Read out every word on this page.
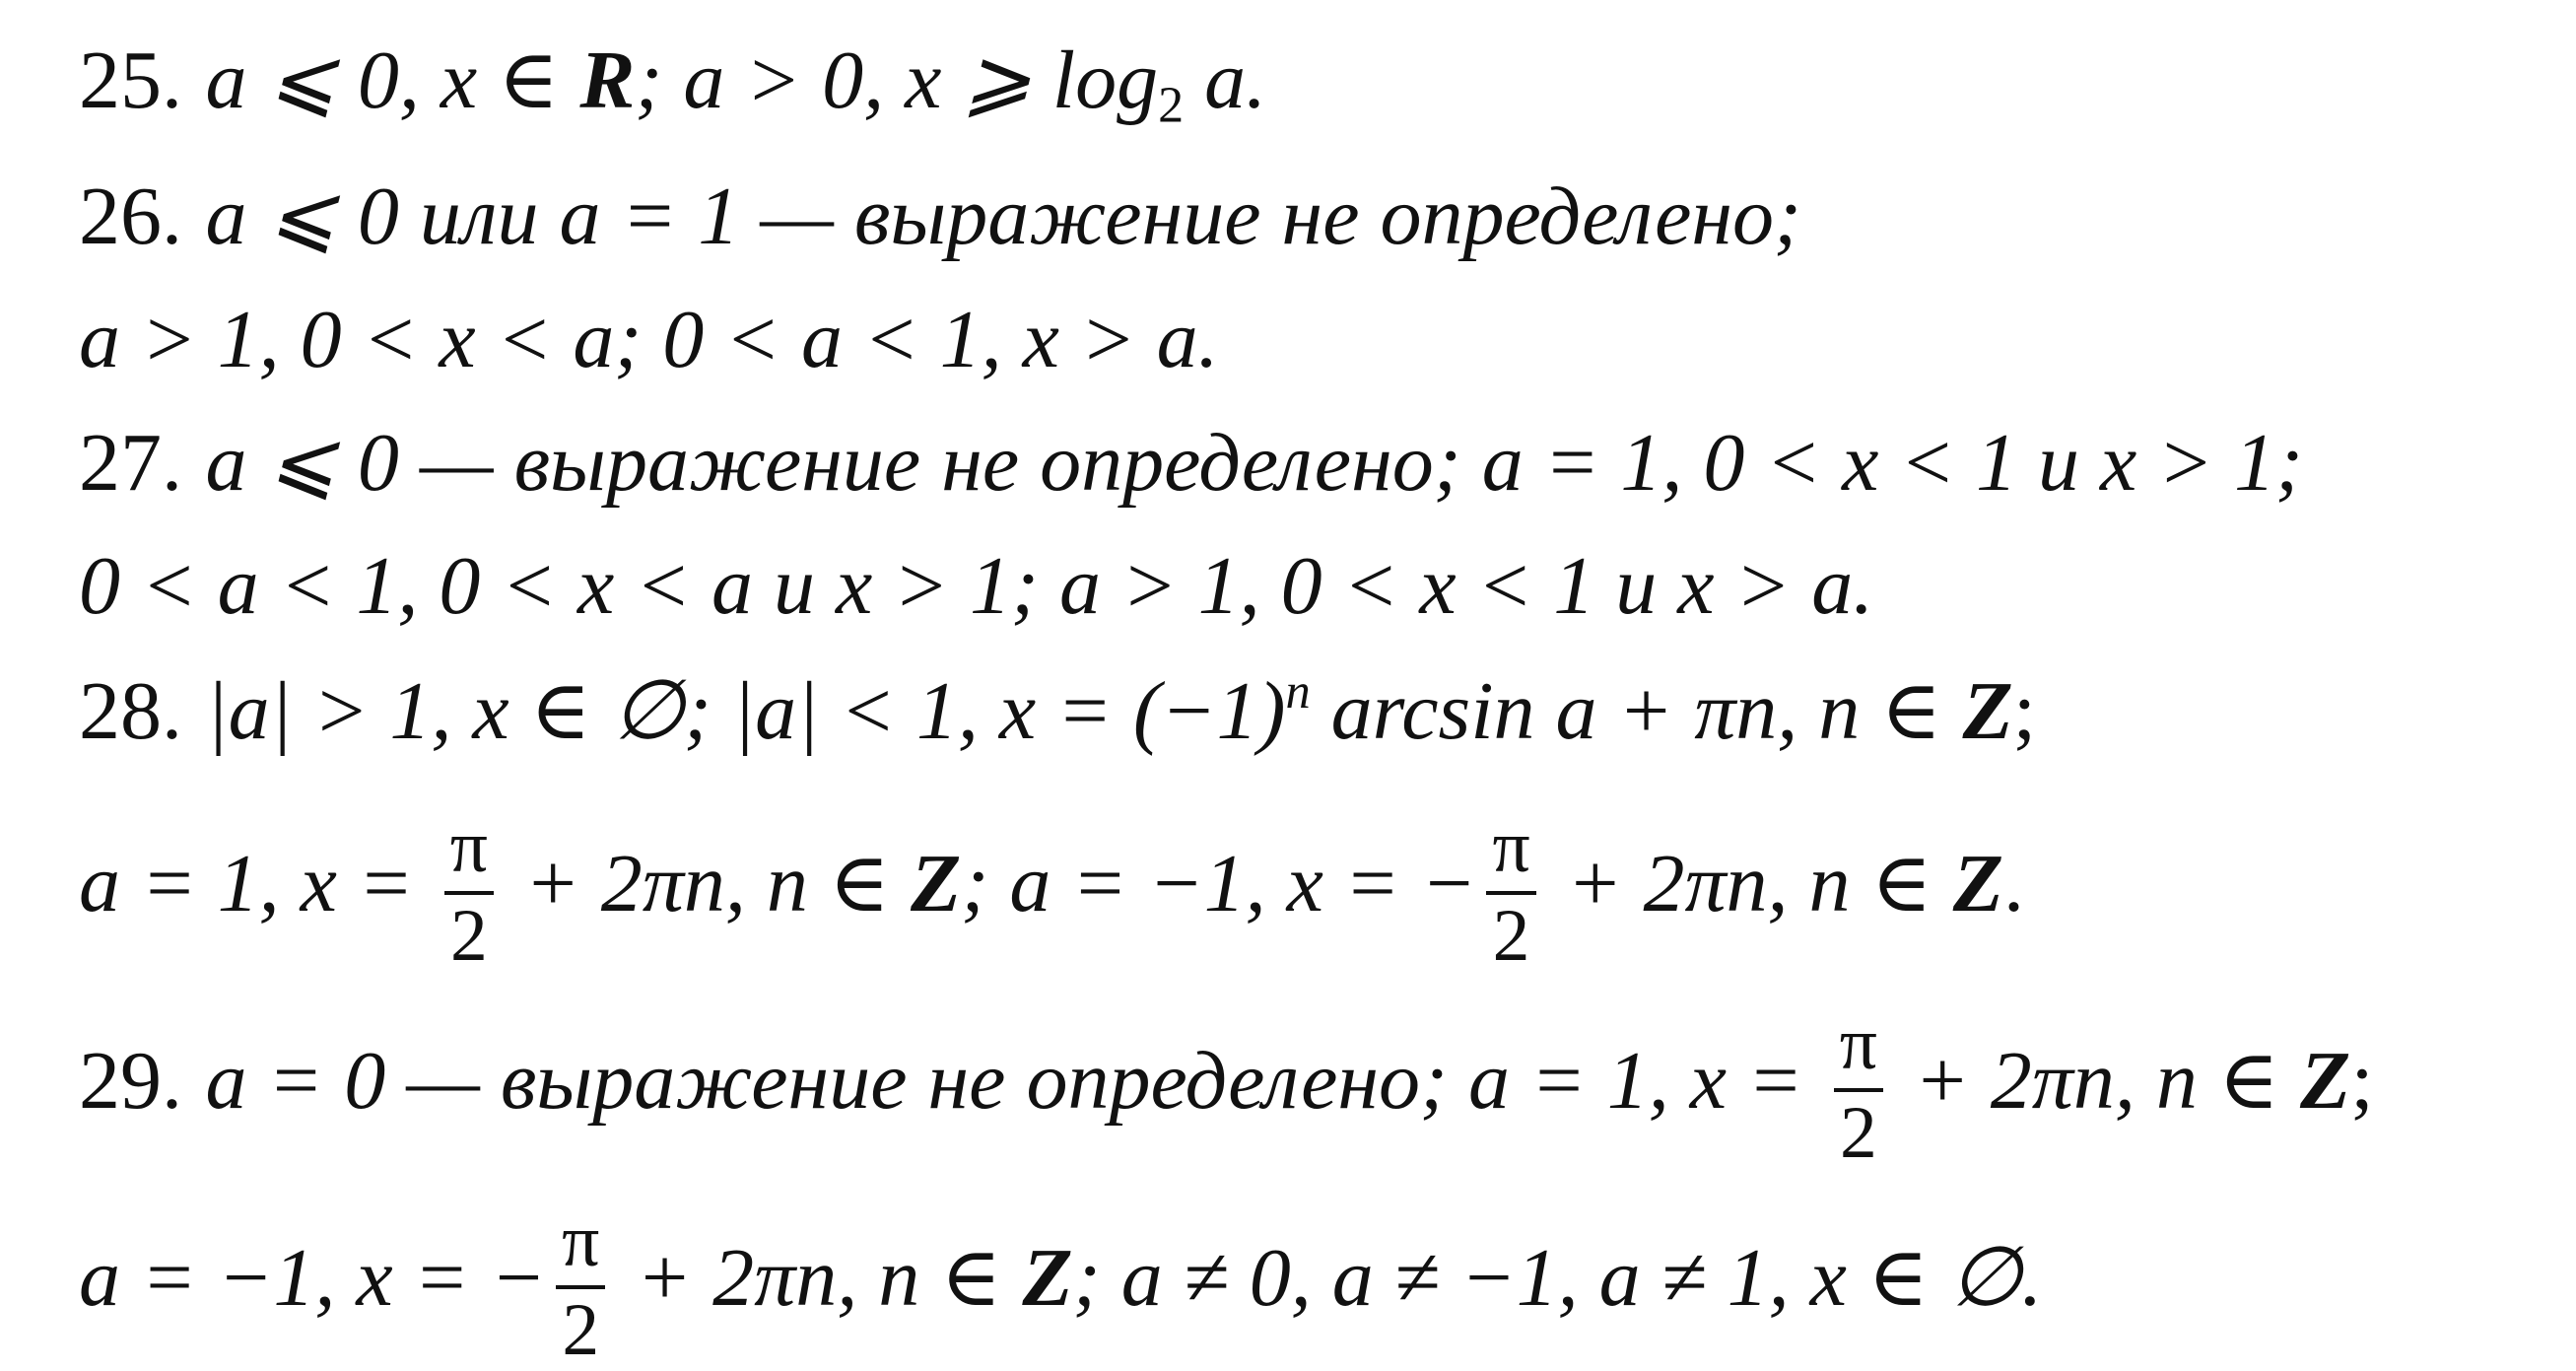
25. a ⩽ 0, x ∈ R; a > 0, x ⩾ $\log_2 a$.
26. a ⩽ 0 или a = 1 — выражение не определено;
a > 1, 0 < x < a; 0 < a < 1, x > a.
27. a ⩽ 0 — выражение не определено; a = 1, 0 < x < 1 и x > 1;
0 < a < 1, 0 < x < a и x > 1; a > 1, 0 < x < 1 и x > a.
28. |a| > 1, x ∈ ∅; |a| < 1, $x = (-1)^n$ arcsin a + πn, n ∈ Z;
a = 1, $x = \frac{\pi}{2} + 2\pi n$, n ∈ Z; a = −1, x = − $\frac{\pi}{2} + 2\pi n$, n ∈ Z.
29. a = 0 — выражение не определено; a = 1, $x = \frac{\pi}{2} + 2\pi n$, n ∈ Z;
a = −1, x = − $\frac{\pi}{2} + 2\pi n$, n ∈ Z; a ≠ 0, a ≠ −1, a ≠ 1, x ∈ ∅.
